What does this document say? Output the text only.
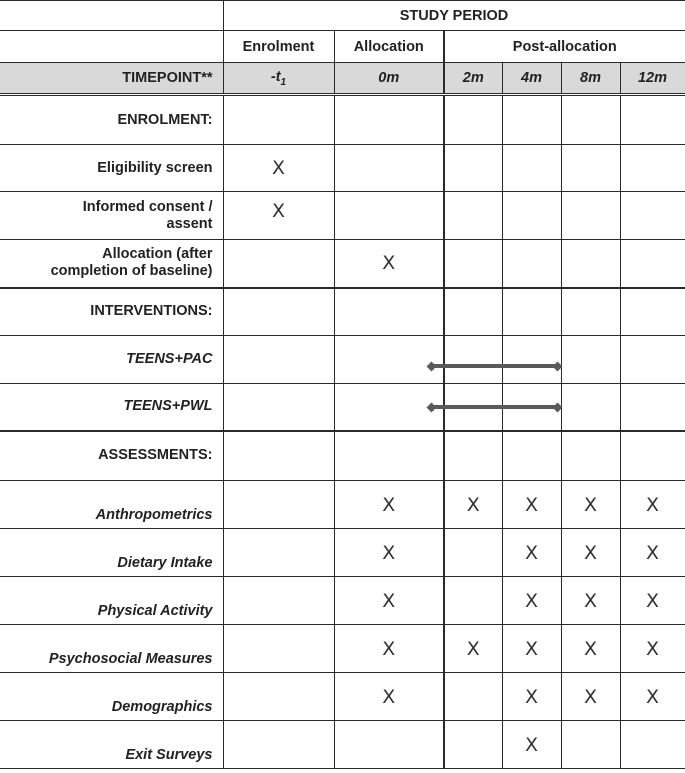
	STUDY PERIOD					
	Enrolment	Allocation	Post-allocation			
TIMEPOINT**	$-t_1$	0m	2m	4m	8m	12m
ENROLMENT:						
Eligibility screen	X					
Informed consent /
assent	X					
Allocation (after
completion of baseline)		X				
INTERVENTIONS:						
TEENS+PAC						
TEENS+PWL						
ASSESSMENTS:						
Anthropometrics		X	X	X	X	X
Dietary Intake		X		X	X	X
Physical Activity		X		X	X	X
Psychosocial Measures		X	X	X	X	X
Demographics		X		X	X	X
Exit Surveys				X		
